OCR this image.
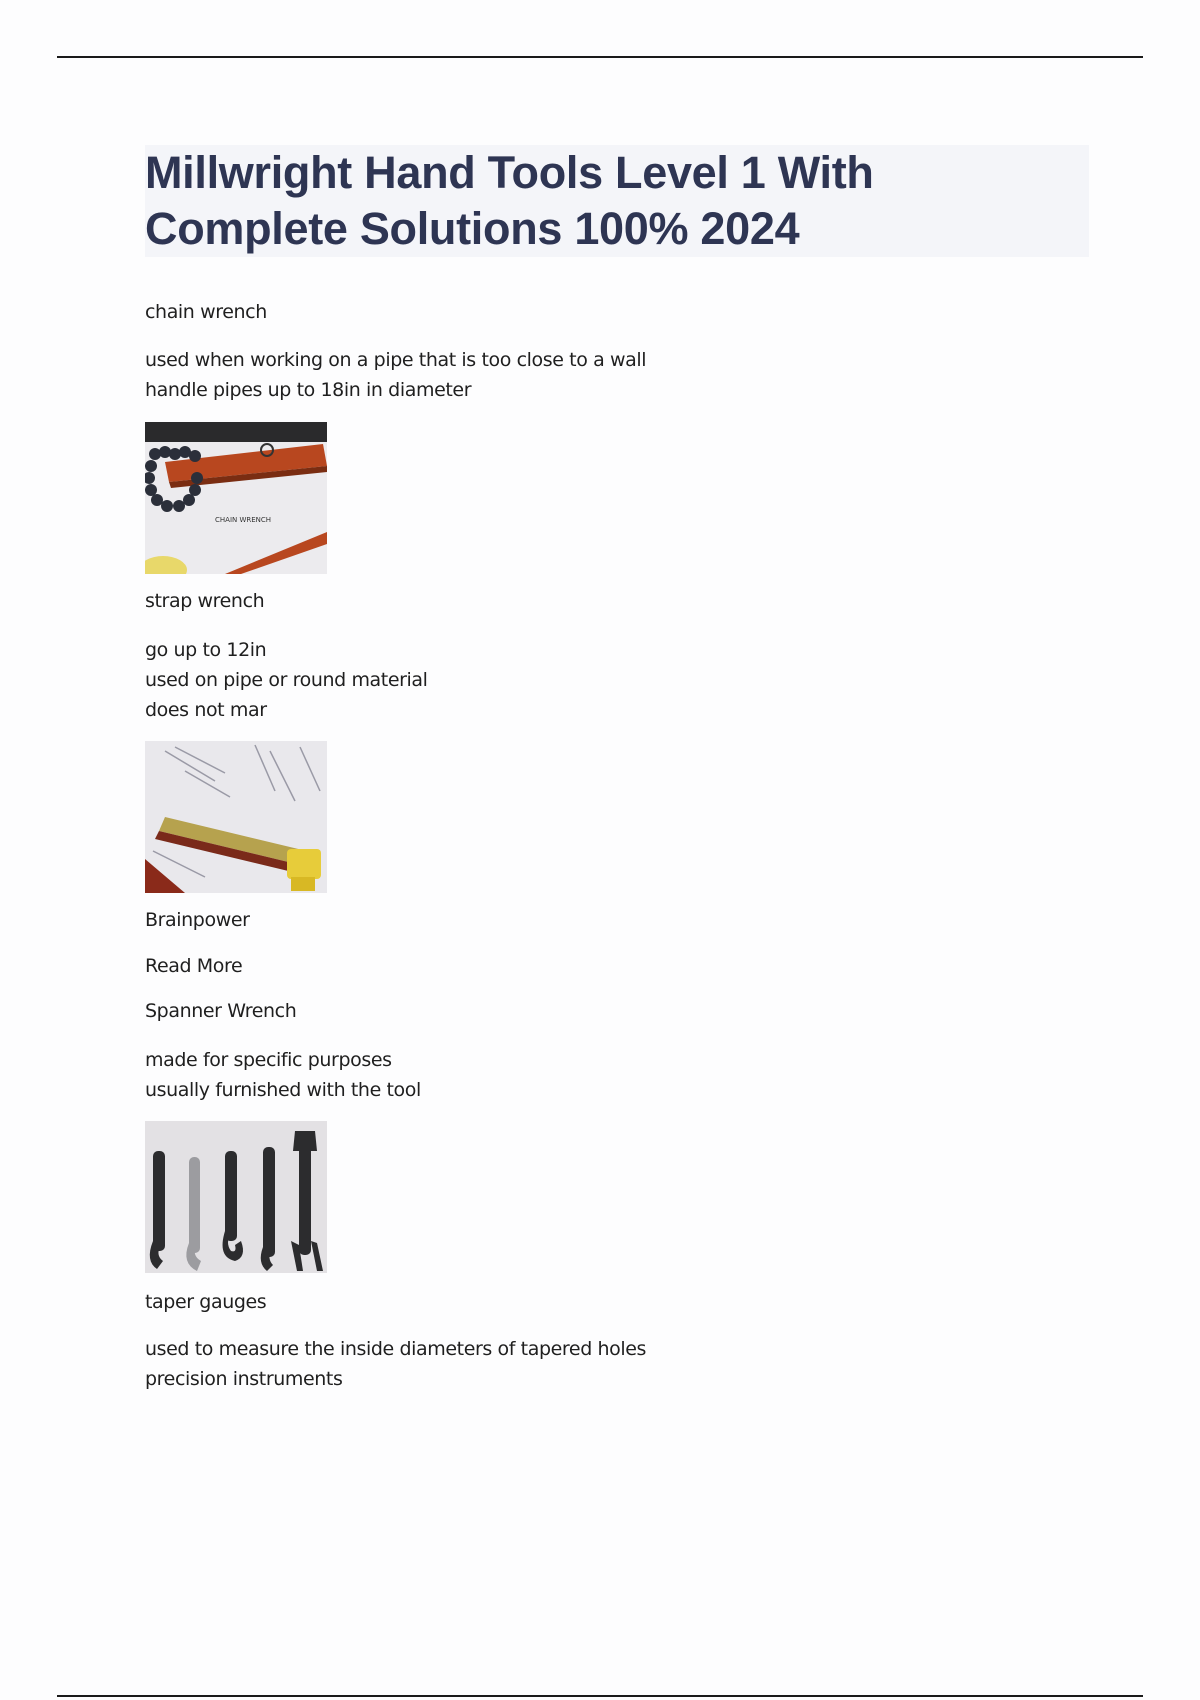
Millwright Hand Tools Level 1 With
Complete Solutions 100% 2024
chain wrench
used when working on a pipe that is too close to a wall
handle pipes up to 18in in diameter
CHAIN WRENCH
strap wrench
go up to 12in
used on pipe or round material
does not mar
Brainpower
Read More
Spanner Wrench
made for specific purposes
usually furnished with the tool
taper gauges
used to measure the inside diameters of tapered holes
precision instruments
